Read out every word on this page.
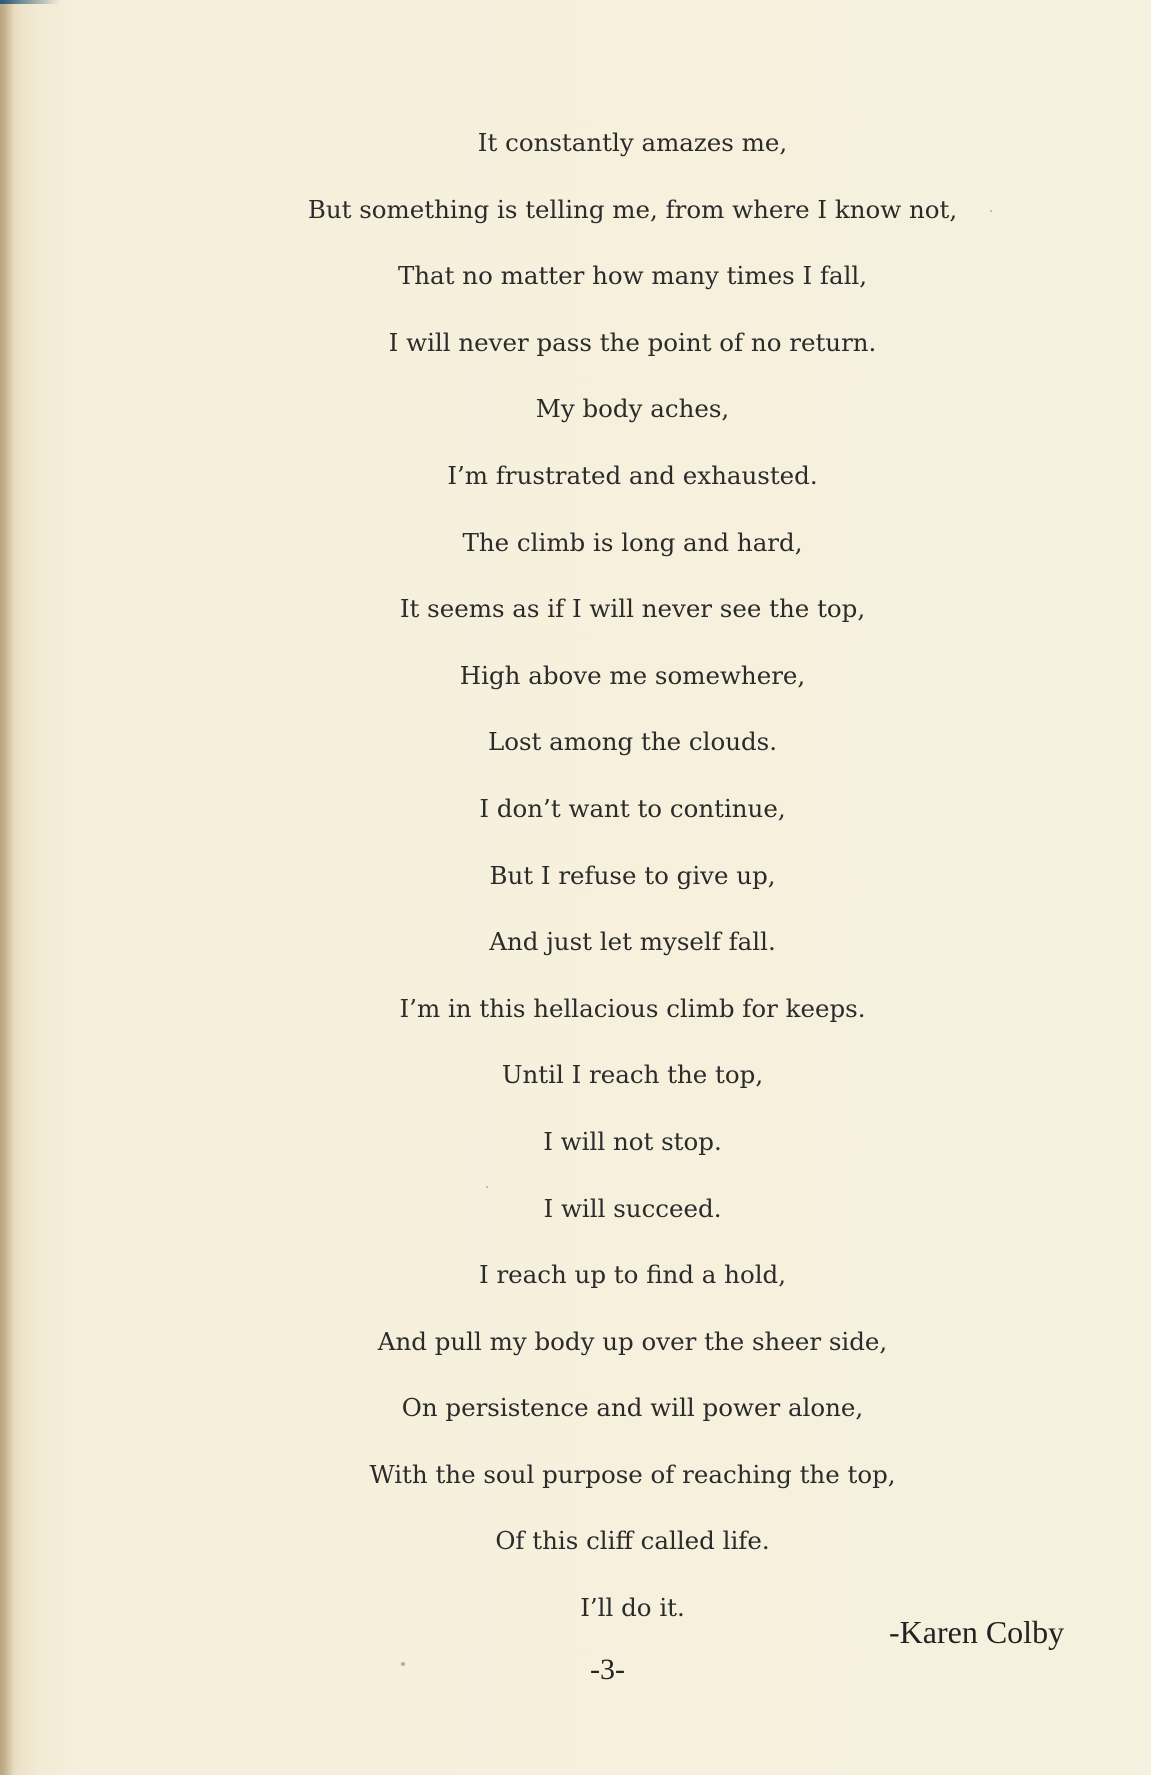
It constantly amazes me,
But something is telling me, from where I know not,
That no matter how many times I fall,
I will never pass the point of no return.
My body aches,
I’m frustrated and exhausted.
The climb is long and hard,
It seems as if I will never see the top,
High above me somewhere,
Lost among the clouds.
I don’t want to continue,
But I refuse to give up,
And just let myself fall.
I’m in this hellacious climb for keeps.
Until I reach the top,
I will not stop.
I will succeed.
I reach up to find a hold,
And pull my body up over the sheer side,
On persistence and will power alone,
With the soul purpose of reaching the top,
Of this cliff called life.
I’ll do it.
-Karen Colby
-3-
